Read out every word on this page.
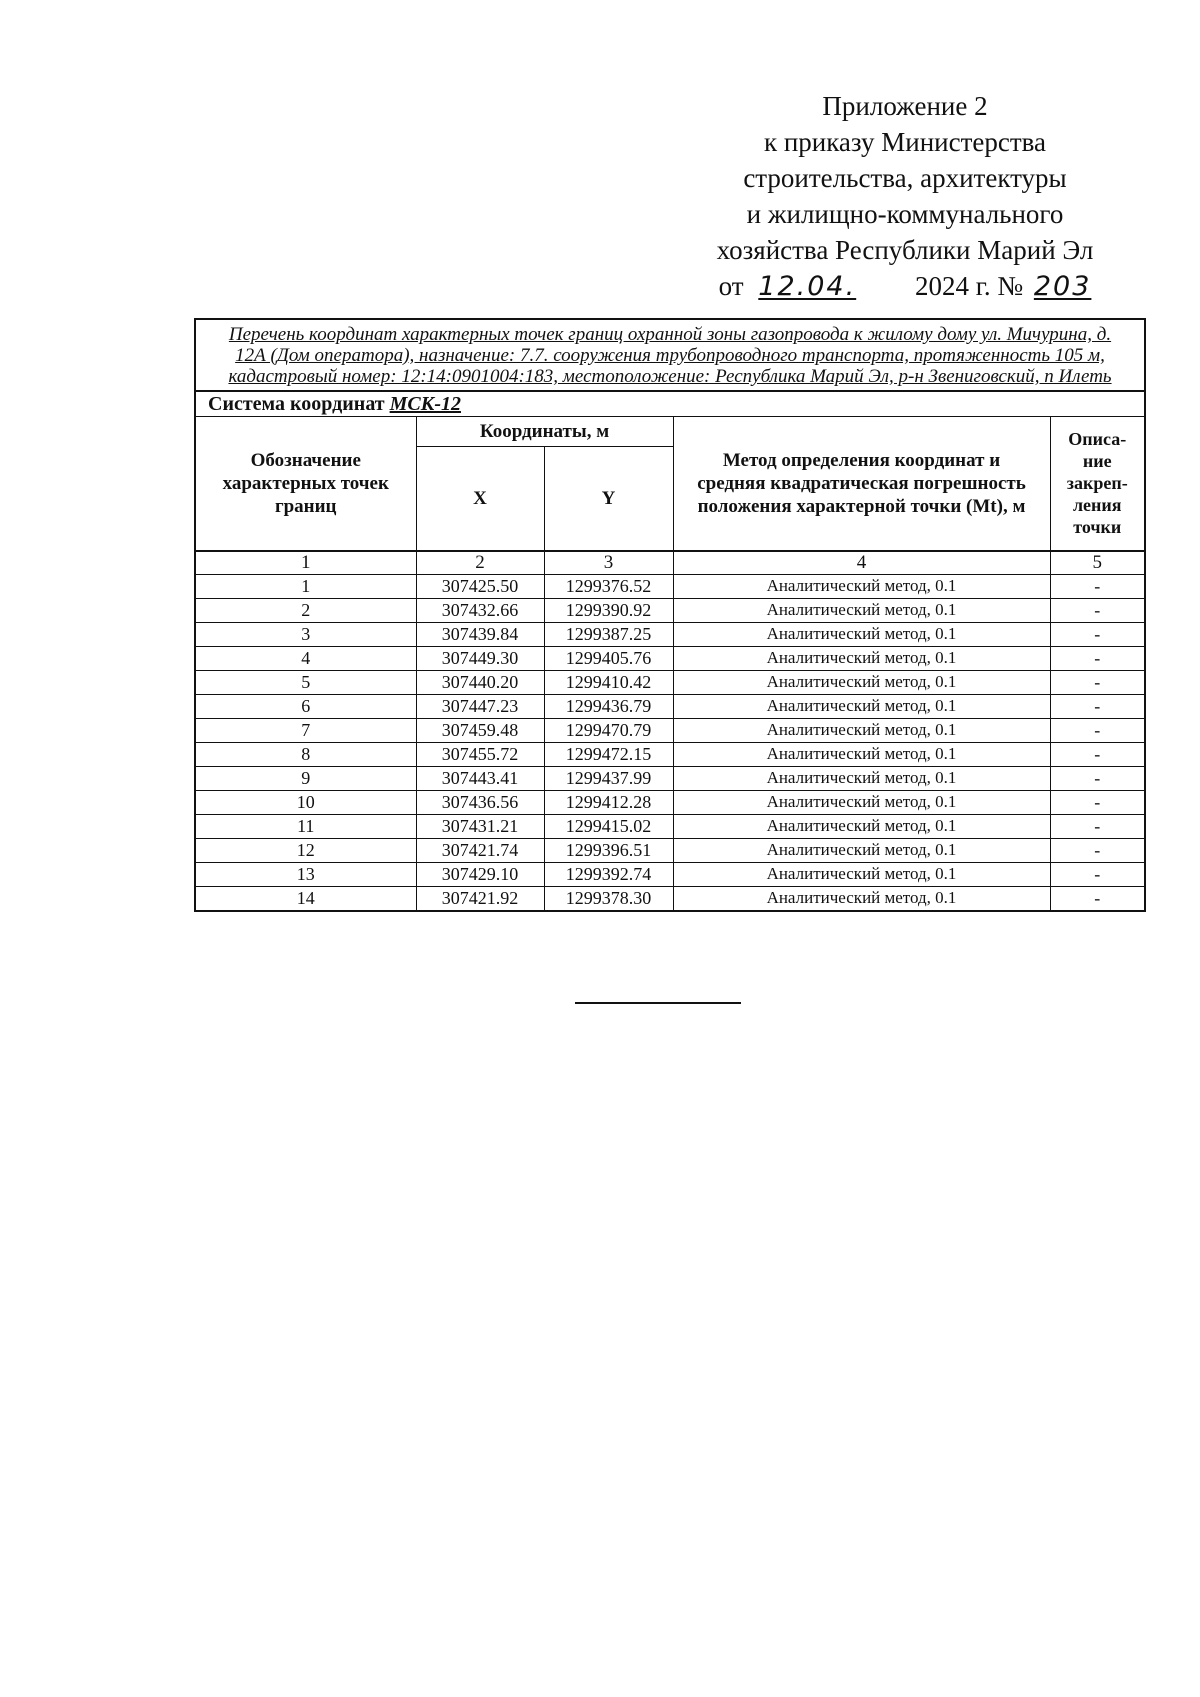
Приложение 2
к приказу Министерства
строительства, архитектуры
и жилищно-коммунального
хозяйства Республики Марий Эл
от 12.04. 2024 г. № 203
Перечень координат характерных точек границ охранной зоны газопровода к жилому дому ул. Мичурина, д. 12А (Дом оператора), назначение: 7.7. сооружения трубопроводного транспорта, протяженность 105 м, кадастровый номер: 12:14:0901004:183, местоположение: Республика Марий Эл, р-н Звениговский, п Илеть				
Система координат МСК-12				
Обозначение характерных точек границ	Координаты, м		Метод определения координат и средняя квадратическая погрешность положения характерной точки (Mt), м	Описа-
ние
закреп-
ления
точки
	X	Y		
1	2	3	4	5
1	307425.50	1299376.52	Аналитический метод, 0.1	-
2	307432.66	1299390.92	Аналитический метод, 0.1	-
3	307439.84	1299387.25	Аналитический метод, 0.1	-
4	307449.30	1299405.76	Аналитический метод, 0.1	-
5	307440.20	1299410.42	Аналитический метод, 0.1	-
6	307447.23	1299436.79	Аналитический метод, 0.1	-
7	307459.48	1299470.79	Аналитический метод, 0.1	-
8	307455.72	1299472.15	Аналитический метод, 0.1	-
9	307443.41	1299437.99	Аналитический метод, 0.1	-
10	307436.56	1299412.28	Аналитический метод, 0.1	-
11	307431.21	1299415.02	Аналитический метод, 0.1	-
12	307421.74	1299396.51	Аналитический метод, 0.1	-
13	307429.10	1299392.74	Аналитический метод, 0.1	-
14	307421.92	1299378.30	Аналитический метод, 0.1	-
